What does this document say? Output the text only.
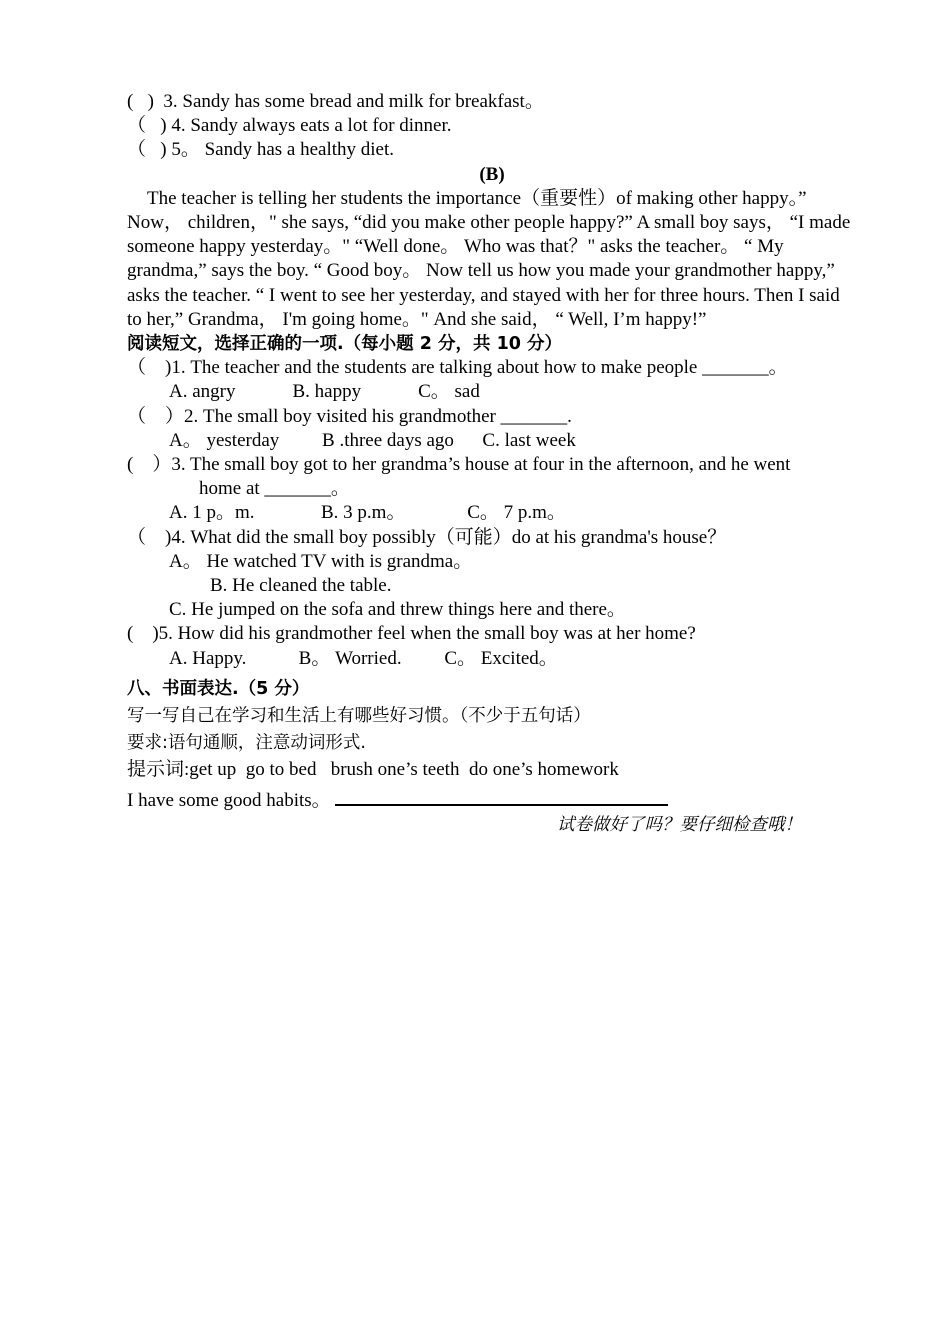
(   )  3. Sandy has some bread and milk for breakfast。
（   ) 4. Sandy always eats a lot for dinner.
（   ) 5。 Sandy has a healthy diet.
(B)
The teacher is telling her students the importance（重要性）of making other happy。” Now， children，" she says, “did you make other people happy?” A small boy says， “I made someone happy yesterday。" “Well done。 Who was that？" asks the teacher。 “ My grandma,” says the boy. “ Good boy。 Now tell us how you made your grandmother happy,” asks the teacher. “ I went to see her yesterday, and stayed with her for three hours. Then I said to her,” Grandma， I'm going home。" And she said， “ Well, I’m happy!”
阅读短文，选择正确的一项.（每小题 2 分，共 10 分）
（    )1. The teacher and the students are talking about how to make people _______。
A. angry            B. happy            C。 sad
（    ）2. The small boy visited his grandmother _______.
A。 yesterday         B .three days ago      C. last week
(    ）3. The small boy got to her grandma’s house at four in the afternoon, and he went
home at _______。
A. 1 p。m.              B. 3 p.m。             C。 7 p.m。
（    )4. What did the small boy possibly（可能）do at his grandma's house？
A。 He watched TV with is grandma。
B. He cleaned the table.
C. He jumped on the sofa and threw things here and there。
(    )5. How did his grandmother feel when the small boy was at her home?
A. Happy.           B。 Worried.         C。 Excited。
八、书面表达.（5 分）
写一写自己在学习和生活上有哪些好习惯。（不少于五句话）
要求:语句通顺，注意动词形式.
提示词:get up  go to bed   brush one’s teeth  do one’s homework
I have some good habits。
试卷做好了吗？要仔细检查哦！
